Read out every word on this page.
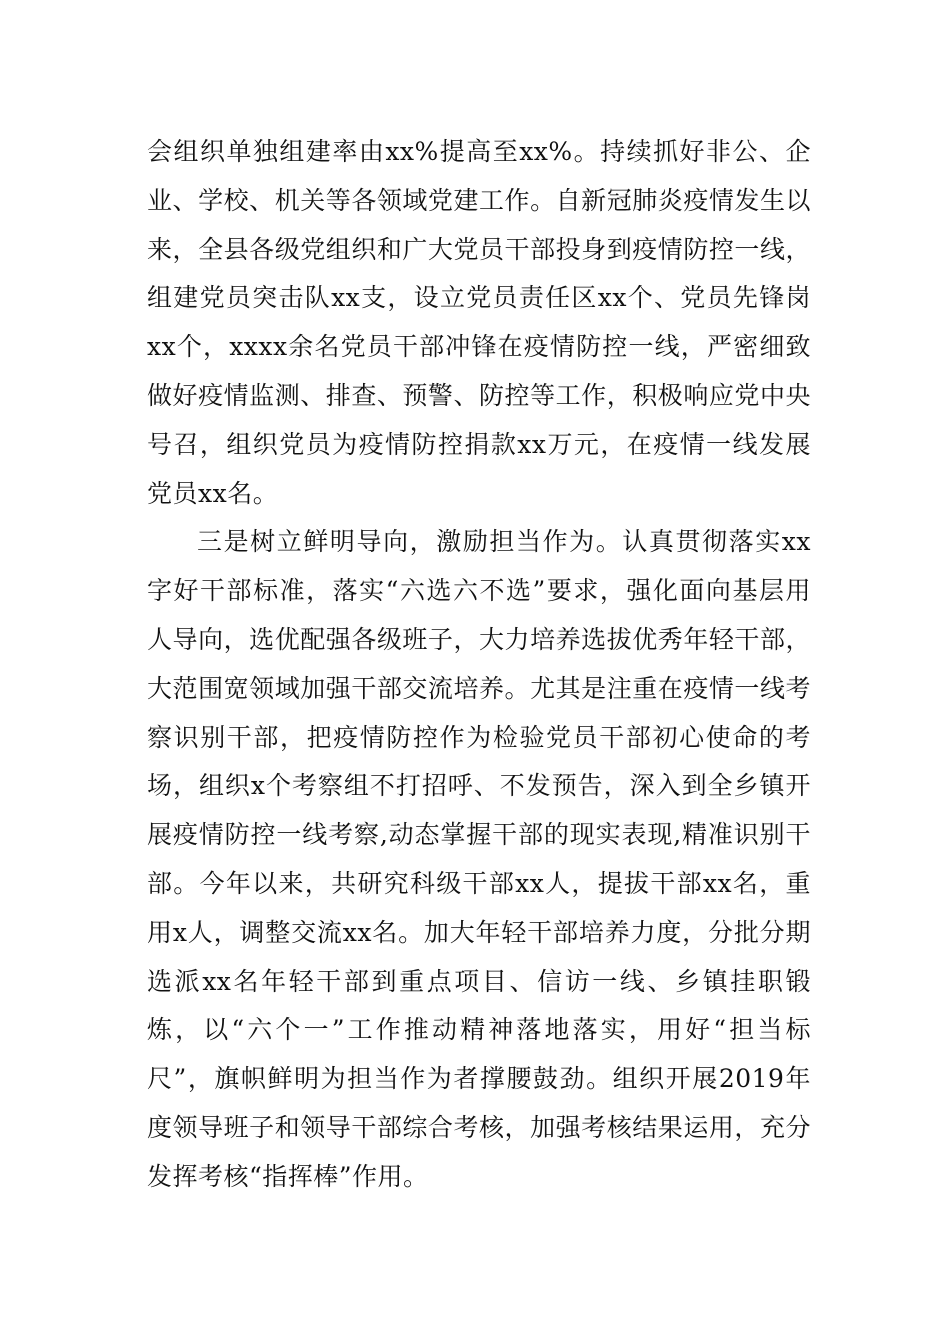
会组织单独组建率由xx%提高至xx%。持续抓好非公、企业、学校、机关等各领域党建工作。自新冠肺炎疫情发生以来，全县各级党组织和广大党员干部投身到疫情防控一线，组建党员突击队xx支，设立党员责任区xx个、党员先锋岗xx个，xxxx余名党员干部冲锋在疫情防控一线，严密细致做好疫情监测、排查、预警、防控等工作，积极响应党中央号召，组织党员为疫情防控捐款xx万元，在疫情一线发展党员xx名。

三是树立鲜明导向，激励担当作为。认真贯彻落实xx字好干部标准，落实“六选六不选”要求，强化面向基层用人导向，选优配强各级班子，大力培养选拔优秀年轻干部，大范围宽领域加强干部交流培养。尤其是注重在疫情一线考察识别干部，把疫情防控作为检验党员干部初心使命的考场，组织x个考察组不打招呼、不发预告，深入到全乡镇开展疫情防控一线考察,动态掌握干部的现实表现,精准识别干部。今年以来，共研究科级干部xx人，提拔干部xx名，重用x人，调整交流xx名。加大年轻干部培养力度，分批分期选派xx名年轻干部到重点项目、信访一线、乡镇挂职锻炼，以“六个一”工作推动精神落地落实，用好“担当标尺”，旗帜鲜明为担当作为者撑腰鼓劲。组织开展2019年度领导班子和领导干部综合考核，加强考核结果运用，充分发挥考核“指挥棒”作用。
